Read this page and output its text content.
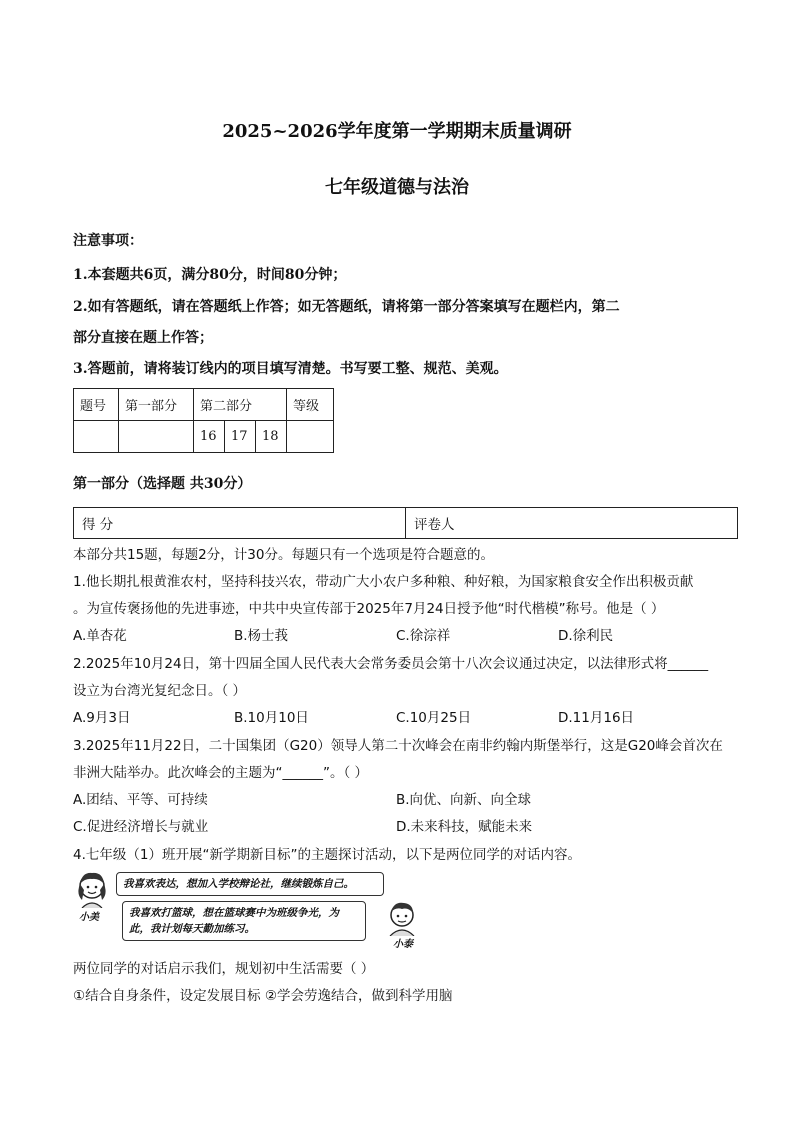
2025~2026学年度第一学期期末质量调研
七年级道德与法治
注意事项：
1.本套题共6页，满分80分，时间80分钟；
2.如有答题纸，请在答题纸上作答；如无答题纸，请将第一部分答案填写在题栏内，第二
部分直接在题上作答；
3.答题前，请将装订线内的项目填写清楚。书写要工整、规范、美观。
题号	第一部分	第二部分			等级
		16	17	18	
第一部分（选择题 共30分）
得 分	评卷人
本部分共15题，每题2分，计30分。每题只有一个选项是符合题意的。
1.他长期扎根黄淮农村，坚持科技兴农，带动广大小农户多种粮、种好粮，为国家粮食安全作出积极贡献
。为宣传褒扬他的先进事迹，中共中央宣传部于2025年7月24日授予他“时代楷模”称号。他是（ ）
A.单杏花	B.杨士莪	C.徐淙祥	D.徐利民
2.2025年10月24日，第十四届全国人民代表大会常务委员会第十八次会议通过决定，以法律形式将______
设立为台湾光复纪念日。（ ）
A.9月3日	B.10月10日	C.10月25日	D.11月16日
3.2025年11月22日，二十国集团（G20）领导人第二十次峰会在南非约翰内斯堡举行，这是G20峰会首次在
非洲大陆举办。此次峰会的主题为“______”。（ ）
A.团结、平等、可持续	B.向优、向新、向全球
C.促进经济增长与就业	D.未来科技，赋能未来
4.七年级（1）班开展“新学期新目标”的主题探讨活动，以下是两位同学的对话内容。
小美
我喜欢表达，想加入学校辩论社，继续锻炼自己。
我喜欢打篮球，想在篮球赛中为班级争光，为此，我计划每天勤加练习。
小泰
两位同学的对话启示我们，规划初中生活需要（ ）
①结合自身条件，设定发展目标 ②学会劳逸结合，做到科学用脑
